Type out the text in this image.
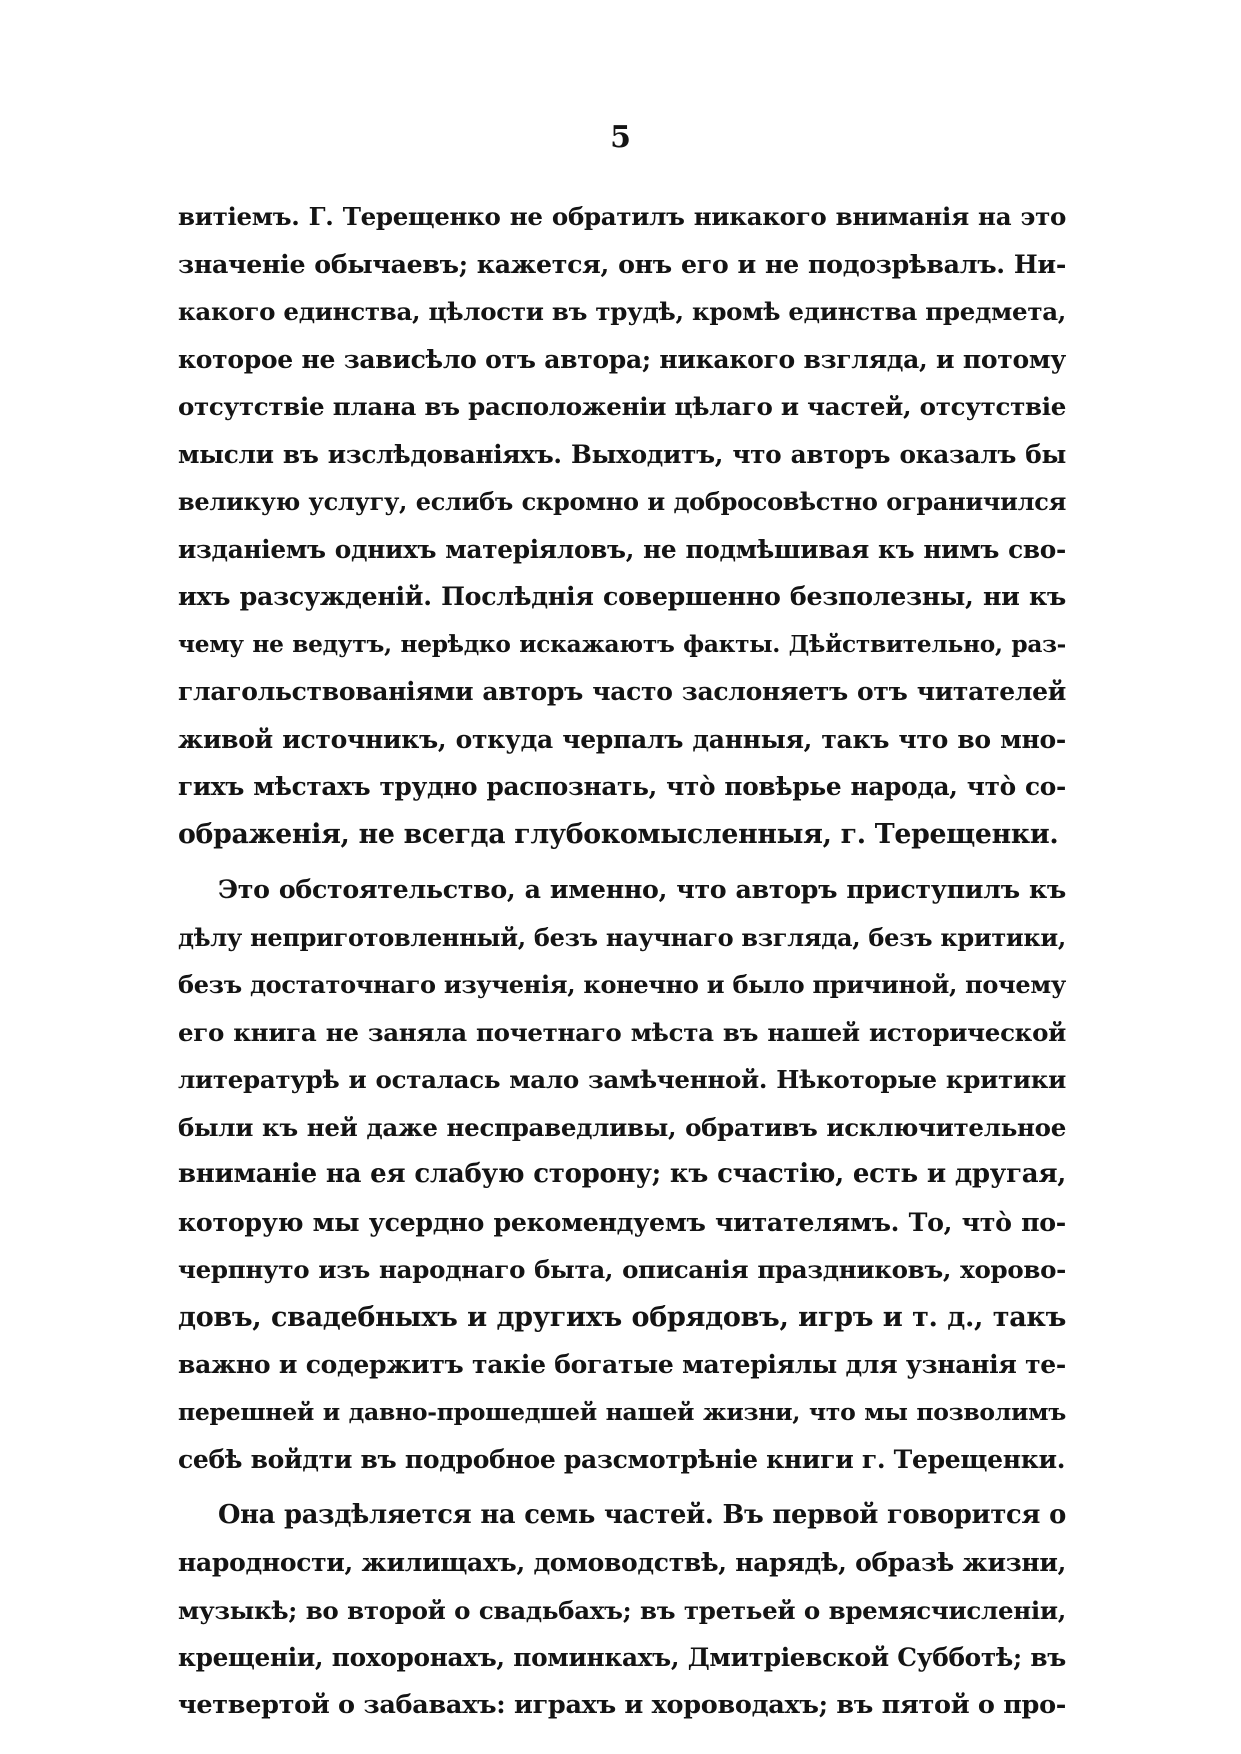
5
витіемъ. Г. Терещенко не обратилъ никакого вниманія на это
значеніе обычаевъ; кажется, онъ его и не подозрѣвалъ. Ни-
какого единства, цѣлости въ трудѣ, кромѣ единства предмета,
которое не зависѣло отъ автора; никакого взгляда, и потому
отсутствіе плана въ расположеніи цѣлаго и частей, отсутствіе
мысли въ изслѣдованіяхъ. Выходитъ, что авторъ оказалъ бы
великую услугу, еслибъ скромно и добросовѣстно ограничился
изданіемъ однихъ матеріяловъ, не подмѣшивая къ нимъ сво-
ихъ разсужденій. Послѣднія совершенно безполезны, ни къ
чему не ведутъ, нерѣдко искажаютъ факты. Дѣйствительно, раз-
глагольствованіями авторъ часто заслоняетъ отъ читателей
живой источникъ, откуда черпалъ данныя, такъ что во мно-
гихъ мѣстахъ трудно распознать, что̀ повѣрье народа, что̀ со-
ображенія, не всегда глубокомысленныя, г. Терещенки.
Это обстоятельство, а именно, что авторъ приступилъ къ
дѣлу неприготовленный, безъ научнаго взгляда, безъ критики,
безъ достаточнаго изученія, конечно и было причиной, почему
его книга не заняла почетнаго мѣста въ нашей исторической
литературѣ и осталась мало замѣченной. Нѣкоторые критики
были къ ней даже несправедливы, обративъ исключительное
вниманіе на ея слабую сторону; къ счастію, есть и другая,
которую мы усердно рекомендуемъ читателямъ. То, что̀ по-
черпнуто изъ народнаго быта, описанія праздниковъ, хорово-
довъ, свадебныхъ и другихъ обрядовъ, игръ и т. д., такъ
важно и содержитъ такіе богатые матеріялы для узнанія те-
перешней и давно-прошедшей нашей жизни, что мы позволимъ
себѣ войдти въ подробное разсмотрѣніе книги г. Терещенки.
Она раздѣляется на семь частей. Въ первой говорится о
народности, жилищахъ, домоводствѣ, нарядѣ, образѣ жизни,
музыкѣ; во второй о свадьбахъ; въ третьей о времясчисленіи,
крещеніи, похоронахъ, поминкахъ, Дмитріевской Субботѣ; въ
четвертой о забавахъ: играхъ и хороводахъ; въ пятой о про-
